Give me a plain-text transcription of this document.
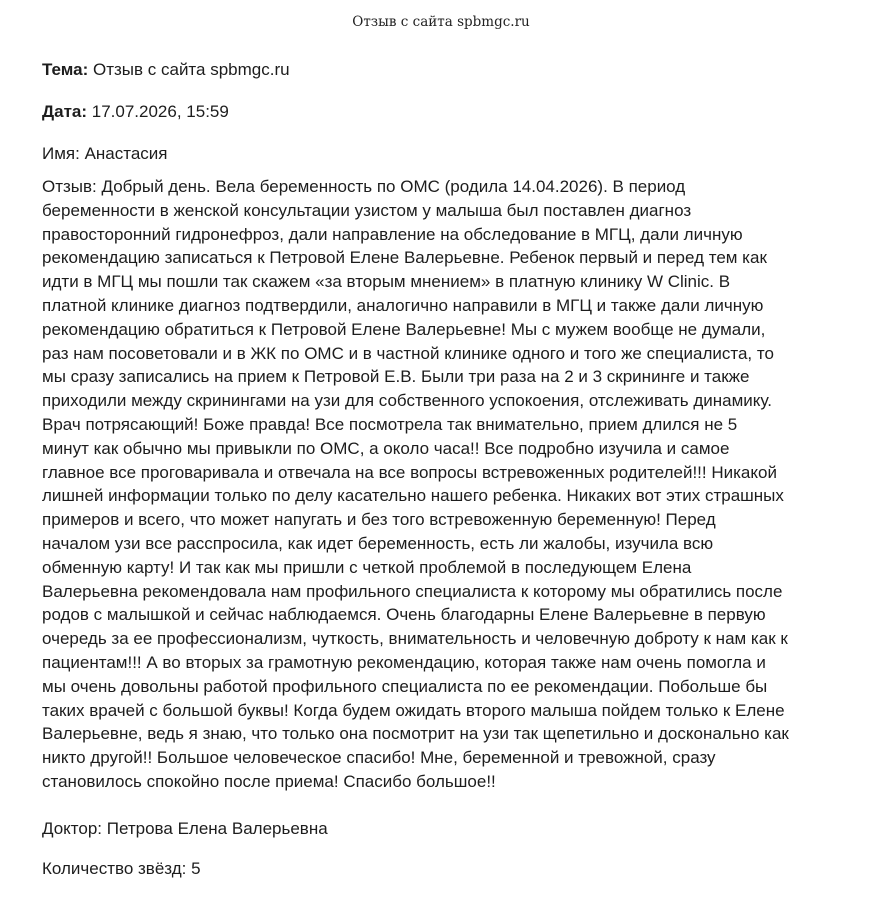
Отзыв с сайта spbmgc.ru

Тема: Отзыв с сайта spbmgc.ru

Дата: 17.07.2026, 15:59

Имя: Анастасия

Отзыв: Добрый день. Вела беременность по ОМС (родила 14.04.2026). В период
беременности в женской консультации узистом у малыша был поставлен диагноз
правосторонний гидронефроз, дали направление на обследование в МГЦ, дали личную
рекомендацию записаться к Петровой Елене Валерьевне. Ребенок первый и перед тем как
идти в МГЦ мы пошли так скажем «за вторым мнением» в платную клинику W Clinic. В
платной клинике диагноз подтвердили, аналогично направили в МГЦ и также дали личную
рекомендацию обратиться к Петровой Елене Валерьевне! Мы с мужем вообще не думали,
раз нам посоветовали и в ЖК по ОМС и в частной клинике одного и того же специалиста, то
мы сразу записались на прием к Петровой Е.В. Были три раза на 2 и 3 скрининге и также
приходили между скринингами на узи для собственного успокоения, отслеживать динамику.
Врач потрясающий! Боже правда! Все посмотрела так внимательно, прием длился не 5
минут как обычно мы привыкли по ОМС, а около часа!! Все подробно изучила и самое
главное все проговаривала и отвечала на все вопросы встревоженных родителей!!! Никакой
лишней информации только по делу касательно нашего ребенка. Никаких вот этих страшных
примеров и всего, что может напугать и без того встревоженную беременную! Перед
началом узи все расспросила, как идет беременность, есть ли жалобы, изучила всю
обменную карту! И так как мы пришли с четкой проблемой в последующем Елена
Валерьевна рекомендовала нам профильного специалиста к которому мы обратились после
родов с малышкой и сейчас наблюдаемся. Очень благодарны Елене Валерьевне в первую
очередь за ее профессионализм, чуткость, внимательность и человечную доброту к нам как к
пациентам!!! А во вторых за грамотную рекомендацию, которая также нам очень помогла и
мы очень довольны работой профильного специалиста по ее рекомендации. Побольше бы
таких врачей с большой буквы! Когда будем ожидать второго малыша пойдем только к Елене
Валерьевне, ведь я знаю, что только она посмотрит на узи так щепетильно и досконально как
никто другой!! Большое человеческое спасибо! Мне, беременной и тревожной, сразу
становилось спокойно после приема! Спасибо большое!!

Доктор: Петрова Елена Валерьевна

Количество звёзд: 5
